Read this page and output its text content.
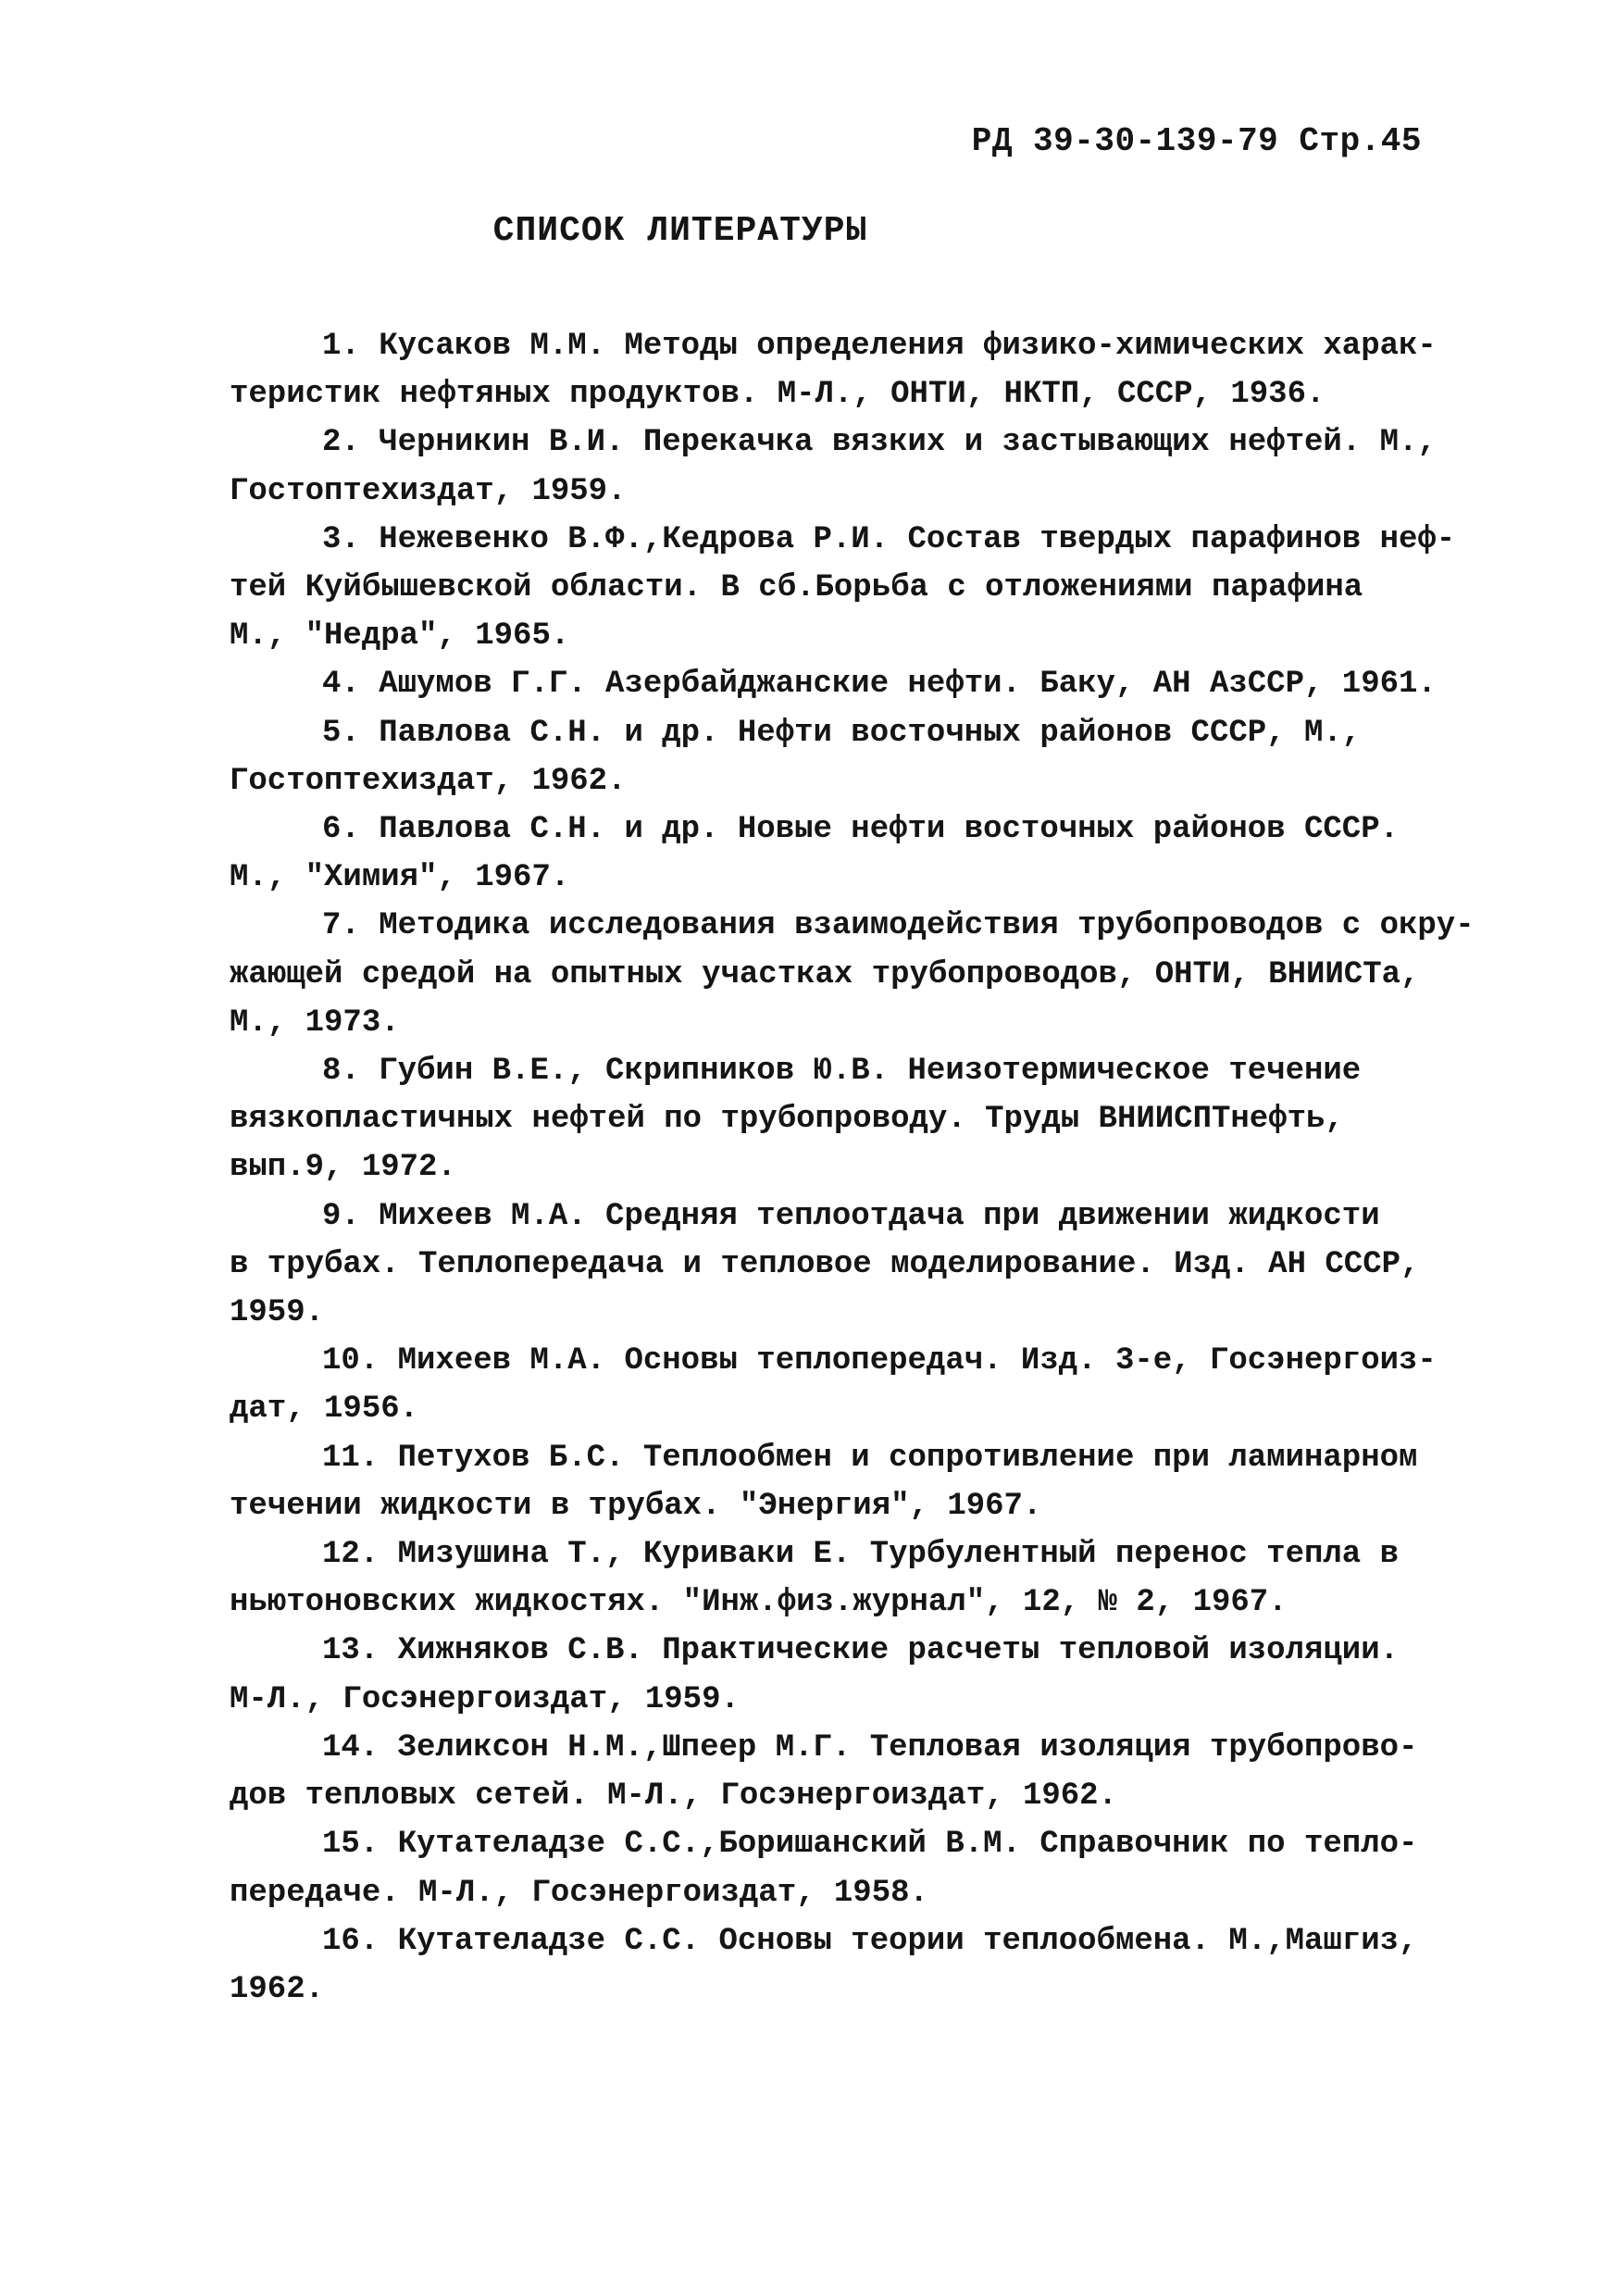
РД 39-30-139-79 Стр.45
СПИСОК ЛИТЕРАТУРЫ
1. Кусаков М.М. Методы определения физико-химических харак-
теристик нефтяных продуктов. М-Л., ОНТИ, НКТП, СССР, 1936.
2. Черникин В.И. Перекачка вязких и застывающих нефтей. М.,
Гостоптехиздат, 1959.
3. Нежевенко В.Ф.,Кедрова Р.И. Состав твердых парафинов неф-
тей Куйбышевской области. В сб.Борьба с отложениями парафина
М., "Недра", 1965.
4. Ашумов Г.Г. Азербайджанские нефти. Баку, АН АзССР, 1961.
5. Павлова С.Н. и др. Нефти восточных районов СССР, М.,
Гостоптехиздат, 1962.
6. Павлова С.Н. и др. Новые нефти восточных районов СССР.
М., "Химия", 1967.
7. Методика исследования взаимодействия трубопроводов с окру-
жающей средой на опытных участках трубопроводов, ОНТИ, ВНИИСТа,
М., 1973.
8. Губин В.Е., Скрипников Ю.В. Неизотермическое течение
вязкопластичных нефтей по трубопроводу. Труды ВНИИСПТнефть,
вып.9, 1972.
9. Михеев М.А. Средняя теплоотдача при движении жидкости
в трубах. Теплопередача и тепловое моделирование. Изд. АН СССР,
1959.
10. Михеев М.А. Основы теплопередач. Изд. 3-е, Госэнергоиз-
дат, 1956.
11. Петухов Б.С. Теплообмен и сопротивление при ламинарном
течении жидкости в трубах. "Энергия", 1967.
12. Мизушина Т., Куриваки Е. Турбулентный перенос тепла в
ньютоновских жидкостях. "Инж.физ.журнал", 12, № 2, 1967.
13. Хижняков С.В. Практические расчеты тепловой изоляции.
М-Л., Госэнергоиздат, 1959.
14. Зеликсон Н.М.,Шпеер М.Г. Тепловая изоляция трубопрово-
дов тепловых сетей. М-Л., Госэнергоиздат, 1962.
15. Кутателадзе С.С.,Боришанский В.М. Справочник по тепло-
передаче. М-Л., Госэнергоиздат, 1958.
16. Кутателадзе С.С. Основы теории теплообмена. М.,Машгиз,
1962.
